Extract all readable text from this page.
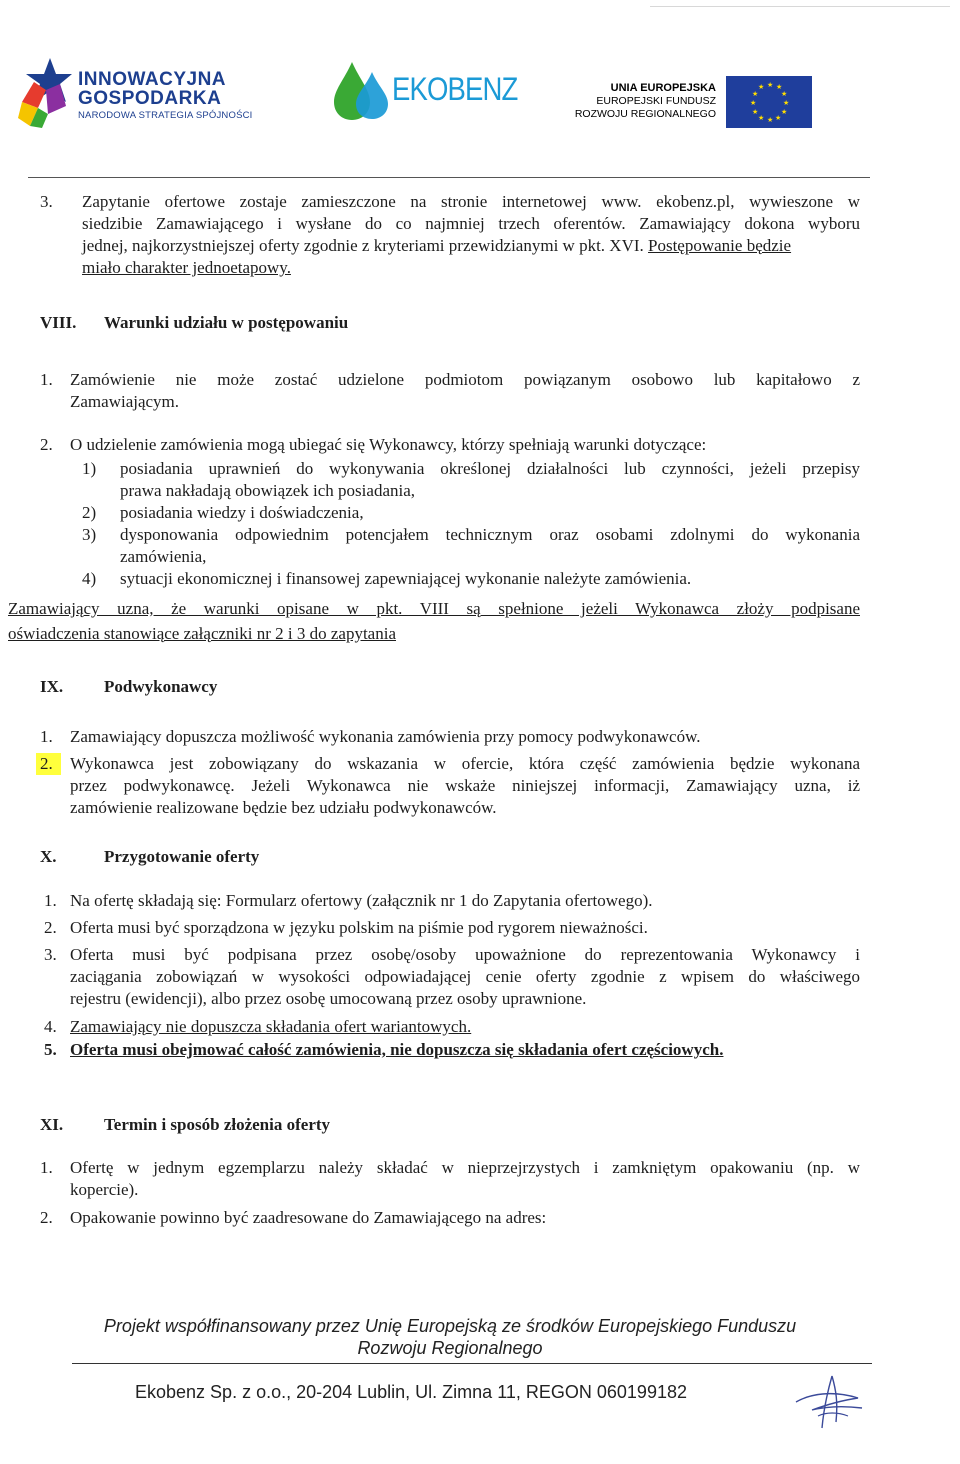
INNOWACYJNA
GOSPODARKA
NARODOWA STRATEGIA SPÓJNOŚCI
EKOBENZ	UNIA EUROPEJSKA
EUROPEJSKI FUNDUSZ
ROZWOJU REGIONALNEGO
★ ★
★
★
★
★
★
★
★
★
★
★
3. Zapytanie ofertowe zostaje zamieszczone na stronie internetowej www. ekobenz.pl, wywieszone w
siedzibie Zamawiającego i wysłane do co najmniej trzech oferentów. Zamawiający dokona wyboru
jednej, najkorzystniejszej oferty zgodnie z kryteriami przewidzianymi w pkt. XVI. Postępowanie będzie
miało charakter jednoetapowy.
VIII. Warunki udziału w postępowaniu
1. Zamówienie nie może zostać udzielone podmiotom powiązanym osobowo lub kapitałowo z
Zamawiającym.
2. O udzielenie zamówienia mogą ubiegać się Wykonawcy, którzy spełniają warunki dotyczące:
1) posiadania uprawnień do wykonywania określonej działalności lub czynności, jeżeli przepisy
prawa nakładają obowiązek ich posiadania,
2) posiadania wiedzy i doświadczenia,
3) dysponowania odpowiednim potencjałem technicznym oraz osobami zdolnymi do wykonania
zamówienia,
4) sytuacji ekonomicznej i finansowej zapewniającej wykonanie należyte zamówienia.
Zamawiający uzna, że warunki opisane w pkt. VIII są spełnione jeżeli Wykonawca złoży podpisane
oświadczenia stanowiące załączniki nr 2 i 3 do zapytania
IX. Podwykonawcy
1. Zamawiający dopuszcza możliwość wykonania zamówienia przy pomocy podwykonawców.
2.	Wykonawca jest zobowiązany do wskazania w ofercie, która część zamówienia będzie wykonana
przez podwykonawcę. Jeżeli Wykonawca nie wskaże niniejszej informacji, Zamawiający uzna, iż
zamówienie realizowane będzie bez udziału podwykonawców.
X.	Przygotowanie oferty
1. Na ofertę składają się: Formularz ofertowy (załącznik nr 1 do Zapytania ofertowego).
2. Oferta musi być sporządzona w języku polskim na piśmie pod rygorem nieważności.
3. Oferta musi być podpisana przez osobę/osoby upoważnione do reprezentowania Wykonawcy i
zaciągania zobowiązań w wysokości odpowiadającej cenie oferty zgodnie z wpisem do właściwego
rejestru (ewidencji), albo przez osobę umocowaną przez osoby uprawnione.
4. Zamawiający nie dopuszcza składania ofert wariantowych.
5. Oferta musi obejmować całość zamówienia, nie dopuszcza się składania ofert częściowych.
XI. Termin i sposób złożenia oferty
1. Ofertę w jednym egzemplarzu należy składać w nieprzejrzystych i zamkniętym opakowaniu (np. w
kopercie).
2. Opakowanie powinno być zaadresowane do Zamawiającego na adres:
Projekt współfinansowany przez Unię Europejską ze środków Europejskiego Funduszu
Rozwoju Regionalnego
Ekobenz Sp. z o.o., 20-204 Lublin, Ul. Zimna 11, REGON 060199182
